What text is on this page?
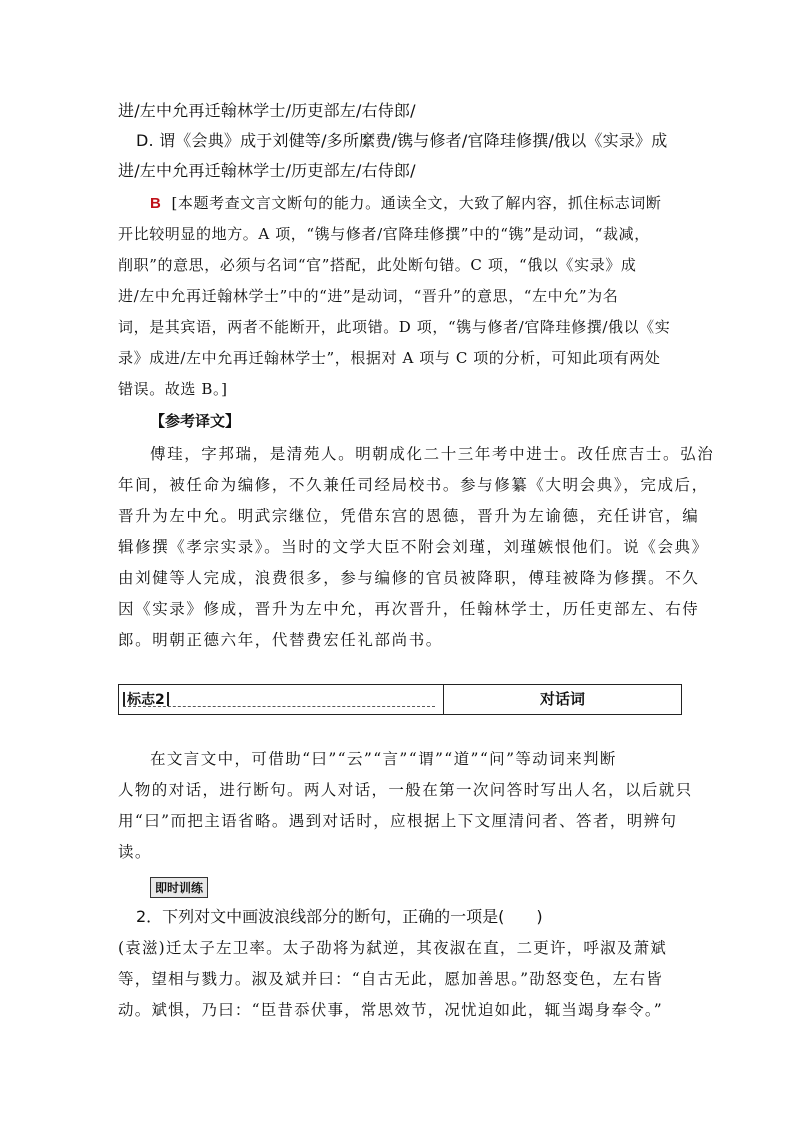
进/左中允再迁翰林学士/历吏部左/右侍郎/
D. 谓《会典》成于刘健等/多所縻费/镌与修者/官降珪修撰/俄以《实录》成
进/左中允再迁翰林学士/历吏部左/右侍郎/
B [本题考查文言文断句的能力。通读全文，大致了解内容，抓住标志词断
开比较明显的地方。A 项，“镌与修者/官降珪修撰”中的“镌”是动词，“裁减，
削职”的意思，必须与名词“官”搭配，此处断句错。C 项，“俄以《实录》成
进/左中允再迁翰林学士”中的“进”是动词，“晋升”的意思，“左中允”为名
词，是其宾语，两者不能断开，此项错。D 项，“镌与修者/官降珪修撰/俄以《实
录》成进/左中允再迁翰林学士”，根据对 A 项与 C 项的分析，可知此项有两处
错误。故选 B。]
【参考译文】
傅珪，字邦瑞，是清苑人。明朝成化二十三年考中进士。改任庶吉士。弘治
年间，被任命为编修，不久兼任司经局校书。参与修纂《大明会典》，完成后，
晋升为左中允。明武宗继位，凭借东宫的恩德，晋升为左谕德，充任讲官，编
辑修撰《孝宗实录》。当时的文学大臣不附会刘瑾，刘瑾嫉恨他们。说《会典》
由刘健等人完成，浪费很多，参与编修的官员被降职，傅珪被降为修撰。不久
因《实录》修成，晋升为左中允，再次晋升，任翰林学士，历任吏部左、右侍
郎。明朝正德六年，代替费宏任礼部尚书。
标志2	对话词
在文言文中，可借助“曰”“云”“言”“谓”“道”“问”等动词来判断
人物的对话，进行断句。两人对话，一般在第一次问答时写出人名，以后就只
用“曰”而把主语省略。遇到对话时，应根据上下文厘清问者、答者，明辨句
读。
即时训练
2．下列对文中画波浪线部分的断句，正确的一项是(　　)
(袁滋)迁太子左卫率。太子劭将为弑逆，其夜淑在直，二更许，呼淑及萧斌
等，望相与戮力。淑及斌并曰：“自古无此，愿加善思。”劭怒变色，左右皆
动。斌惧，乃曰：“臣昔忝伏事，常思效节，况忧迫如此，辄当竭身奉令。”
